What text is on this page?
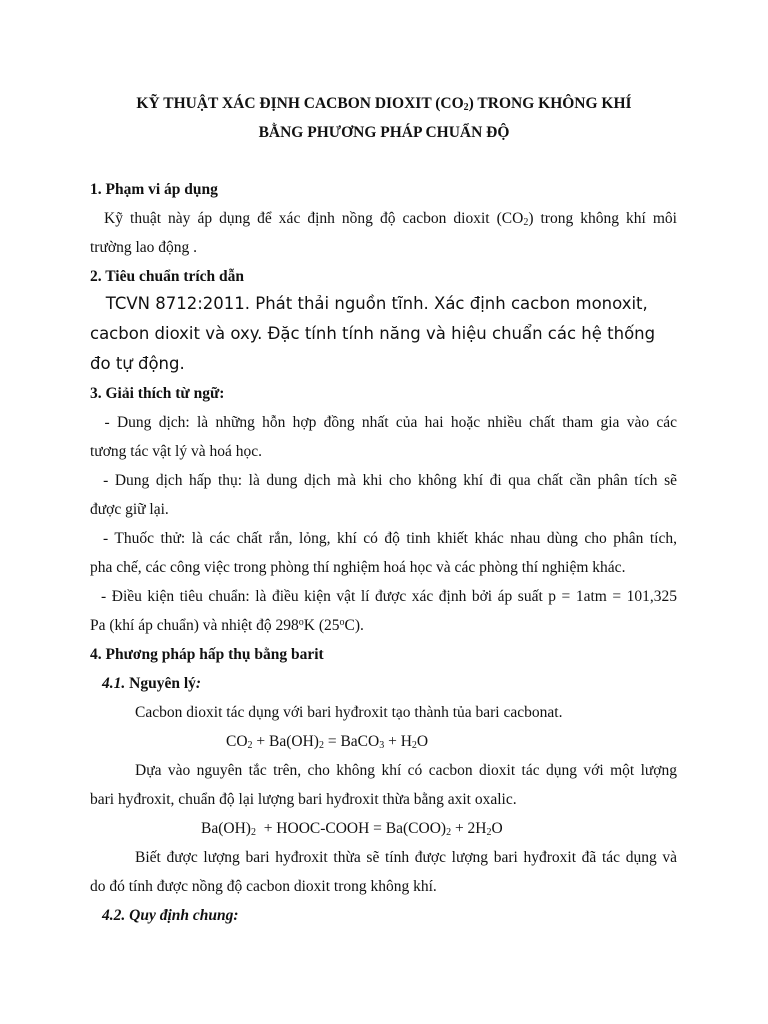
KỸ THUẬT XÁC ĐỊNH CACBON DIOXIT $(CO_2)$ TRONG KHÔNG KHÍ
BẰNG PHƯƠNG PHÁP CHUẨN ĐỘ
1. Phạm vi áp dụng
Kỹ thuật này áp dụng để xác định nồng độ cacbon dioxit $(CO_2)$ trong không khí môi
trường lao động .
2. Tiêu chuẩn trích dẫn
TCVN 8712:2011. Phát thải nguồn tĩnh. Xác định cacbon monoxit,
cacbon dioxit và oxy. Đặc tính tính năng và hiệu chuẩn các hệ thống
đo tự động.
3. Giải thích từ ngữ:
- Dung dịch: là những hỗn hợp đồng nhất của hai hoặc nhiều chất tham gia vào các
tương tác vật lý và hoá học.
- Dung dịch hấp thụ: là dung dịch mà khi cho không khí đi qua chất cần phân tích sẽ
được giữ lại.
- Thuốc thử: là các chất rắn, lỏng, khí có độ tinh khiết khác nhau dùng cho phân tích,
pha chế, các công việc trong phòng thí nghiệm hoá học và các phòng thí nghiệm khác.
- Điều kiện tiêu chuẩn: là điều kiện vật lí được xác định bởi áp suất p = 1atm = 101,325
Pa (khí áp chuẩn) và nhiệt độ 298$^o$K (25$^o$C).
4. Phương pháp hấp thụ bằng barit
4.1. Nguyên lý:
Cacbon dioxit tác dụng với bari hyđroxit tạo thành tủa bari cacbonat.
$CO_2 + Ba(OH)_2$ = BaCO$_3$ + $H_2O$
Dựa vào nguyên tắc trên, cho không khí có cacbon dioxit tác dụng với một lượng
bari hyđroxit, chuẩn độ lại lượng bari hyđroxit thừa bằng axit oxalic.
$Ba(OH)_2$  + HOOC-COOH = $Ba(COO)_2 + 2H_2O$
Biết được lượng bari hyđroxit thừa sẽ tính được lượng bari hyđroxit đã tác dụng và
do đó tính được nồng độ cacbon dioxit trong không khí.
4.2. Quy định chung:
